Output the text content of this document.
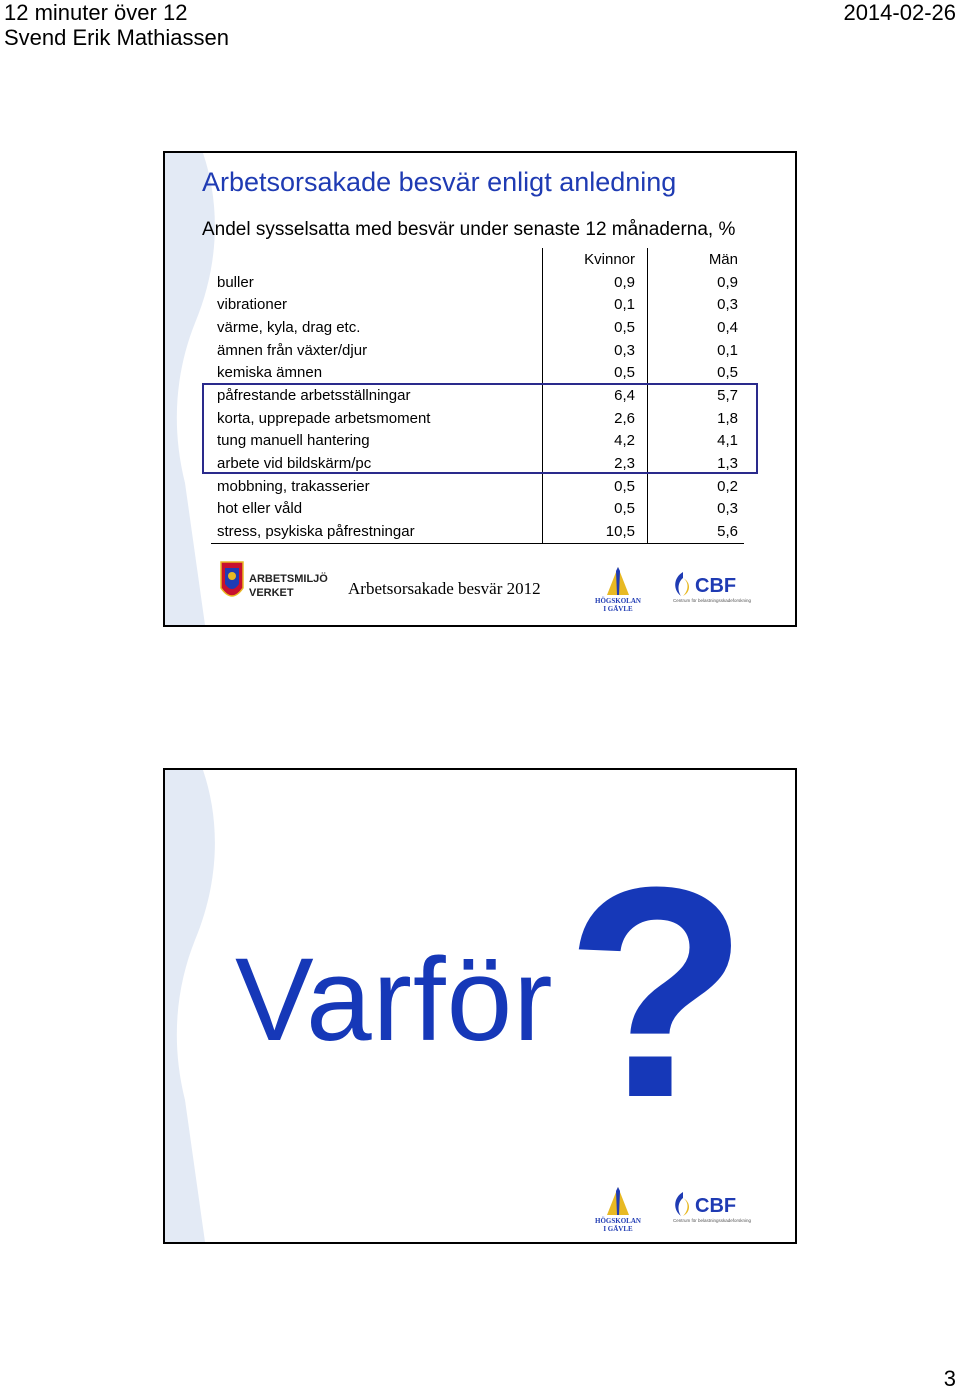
12 minuter över 12
Svend Erik Mathiassen
2014-02-26
Arbetsorsakade besvär enligt anledning
Andel sysselsatta med besvär under senaste 12 månaderna, %
	Kvinnor	Män
buller	0,9	0,9
vibrationer	0,1	0,3
värme, kyla, drag etc.	0,5	0,4
ämnen från växter/djur	0,3	0,1
kemiska ämnen	0,5	0,5
påfrestande arbetsställningar	6,4	5,7
korta, upprepade arbetsmoment	2,6	1,8
tung manuell hantering	4,2	4,1
arbete vid bildskärm/pc	2,3	1,3
mobbning, trakasserier	0,5	0,2
hot eller våld	0,5	0,3
stress, psykiska påfrestningar	10,5	5,6
ARBETSMILJÖ
VERKET	Arbetsorsakade besvär 2012
HÖGSKOLAN
I GÄVLE
CBF
Centrum för belastningsskadeforskning
Varför ?
HÖGSKOLAN
I GÄVLE
CBF
Centrum för belastningsskadeforskning
3
